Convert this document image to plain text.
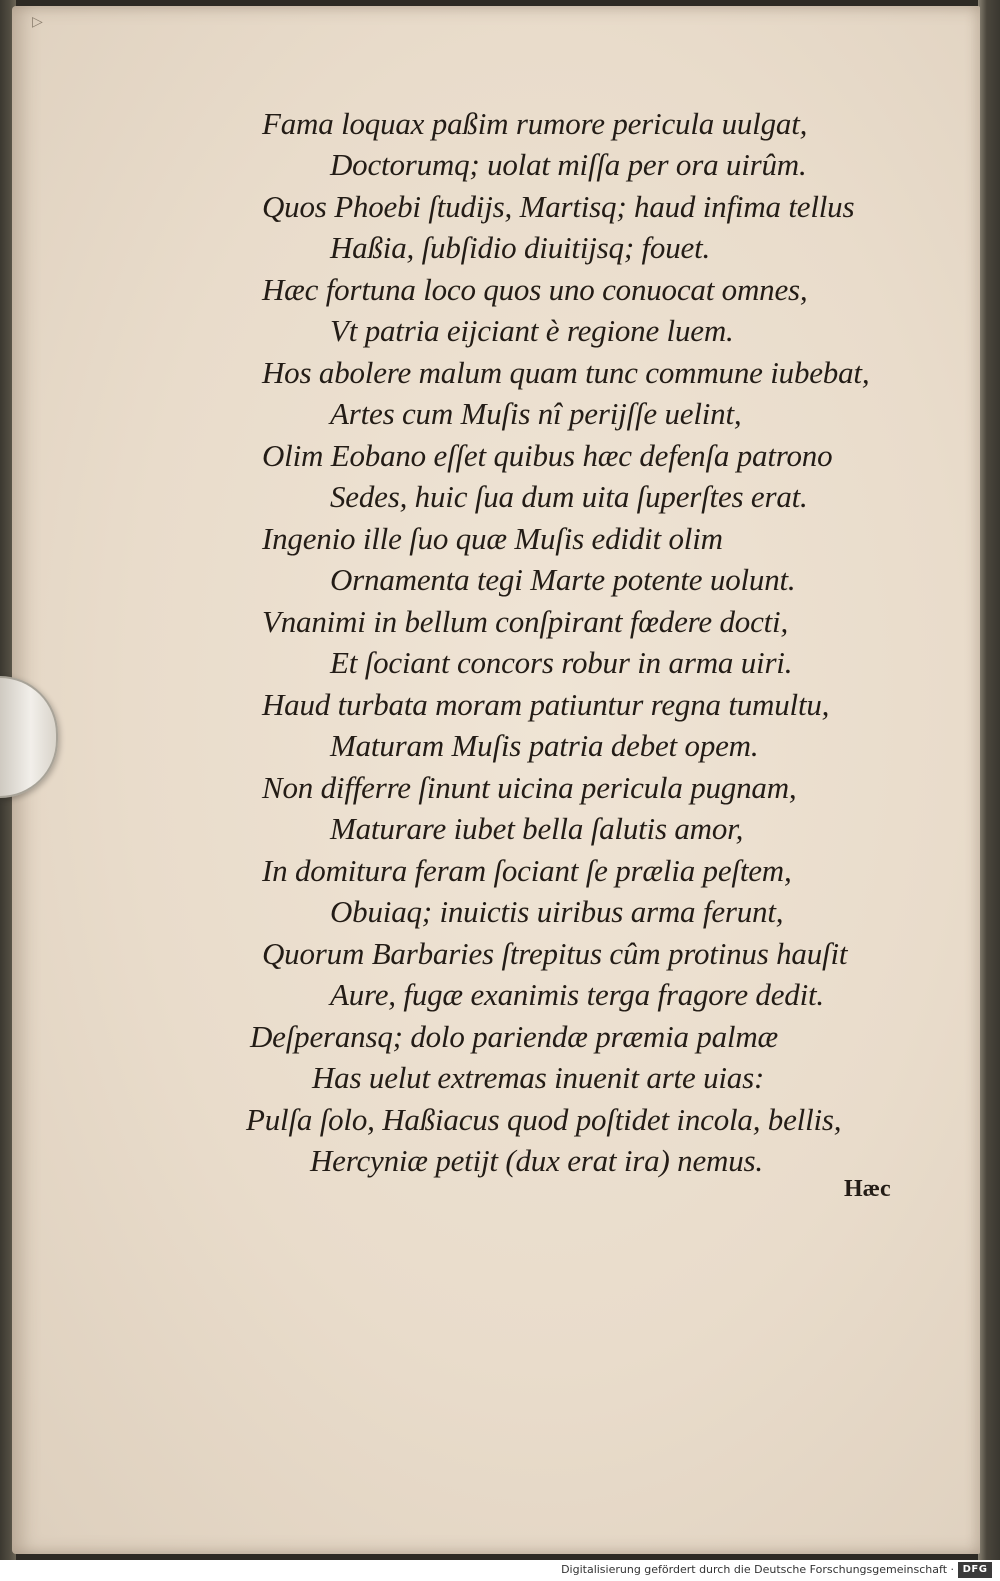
▷
Fama loquax paßim rumore pericula uulgat,
Doctorumq; uolat miſſa per ora uirûm.
Quos Phoebi ſtudijs, Martisq; haud infima tellus
Haßia, ſubſidio diuitijsq; fouet.
Hæc fortuna loco quos uno conuocat omnes,
Vt patria eijciant è regione luem.
Hos abolere malum quam tunc commune iubebat,
Artes cum Muſis nî perijſſe uelint,
Olim Eobano eſſet quibus hæc defenſa patrono
Sedes, huic ſua dum uita ſuperſtes erat.
Ingenio ille ſuo quæ Muſis edidit olim
Ornamenta tegi Marte potente uolunt.
Vnanimi in bellum conſpirant fœdere docti,
Et ſociant concors robur in arma uiri.
Haud turbata moram patiuntur regna tumultu,
Maturam Muſis patria debet opem.
Non differre ſinunt uicina pericula pugnam,
Maturare iubet bella ſalutis amor,
In domitura feram ſociant ſe prælia peſtem,
Obuiaq; inuictis uiribus arma ferunt,
Quorum Barbaries ſtrepitus cûm protinus hauſit
Aure, fugæ exanimis terga fragore dedit.
Deſperansq; dolo pariendæ præmia palmæ
Has uelut extremas inuenit arte uias:
Pulſa ſolo, Haßiacus quod poſtidet incola, bellis,
Hercyniæ petijt (dux erat ira) nemus.
Hæc
Digitalisierung gefördert durch die Deutsche Forschungsgemeinschaft · DFG
